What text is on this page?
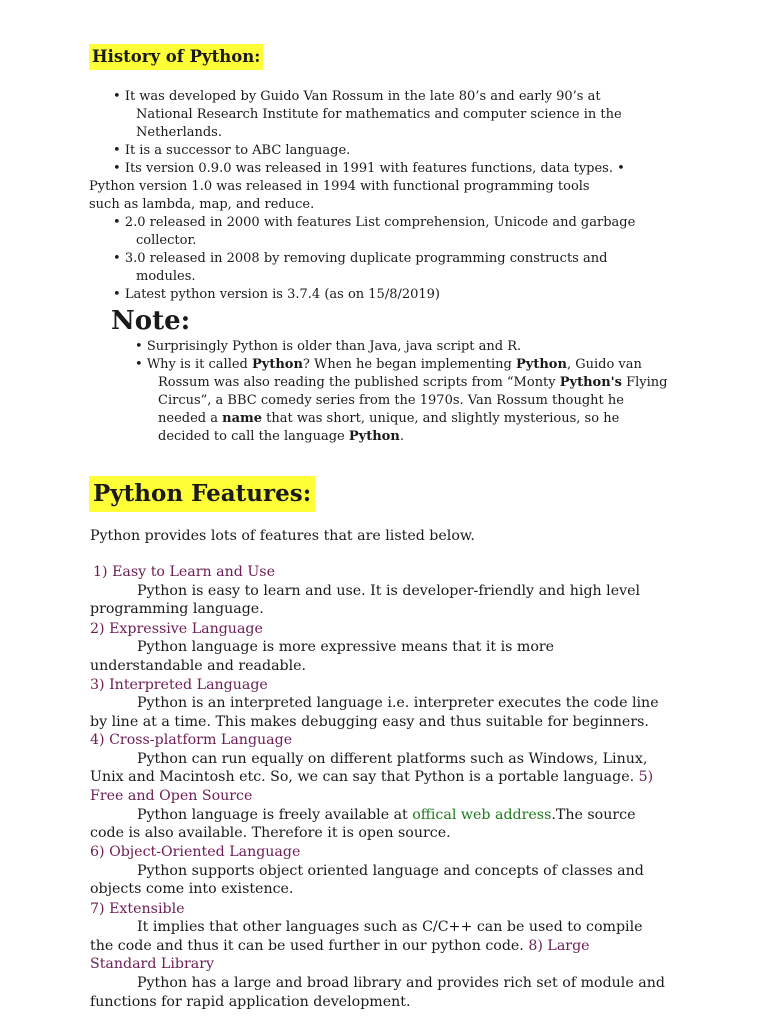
History of Python:
• It was developed by Guido Van Rossum in the late 80’s and early 90’s at
National Research Institute for mathematics and computer science in the
Netherlands.
• It is a successor to ABC language.
• Its version 0.9.0 was released in 1991 with features functions, data types. •
Python version 1.0 was released in 1994 with functional programming tools
such as lambda, map, and reduce.
• 2.0 released in 2000 with features List comprehension, Unicode and garbage
collector.
• 3.0 released in 2008 by removing duplicate programming constructs and
modules.
• Latest python version is 3.7.4 (as on 15/8/2019)
Note:
• Surprisingly Python is older than Java, java script and R.
• Why is it called Python? When he began implementing Python, Guido van
Rossum was also reading the published scripts from “Monty Python's Flying
Circus”, a BBC comedy series from the 1970s. Van Rossum thought he
needed a name that was short, unique, and slightly mysterious, so he
decided to call the language Python.
Python Features:
Python provides lots of features that are listed below.
1) Easy to Learn and Use
Python is easy to learn and use. It is developer-friendly and high level
programming language.
2) Expressive Language
Python language is more expressive means that it is more
understandable and readable.
3) Interpreted Language
Python is an interpreted language i.e. interpreter executes the code line
by line at a time. This makes debugging easy and thus suitable for beginners.
4) Cross-platform Language
Python can run equally on different platforms such as Windows, Linux,
Unix and Macintosh etc. So, we can say that Python is a portable language. 5)
Free and Open Source
Python language is freely available at offical web address.The source
code is also available. Therefore it is open source.
6) Object-Oriented Language
Python supports object oriented language and concepts of classes and
objects come into existence.
7) Extensible
It implies that other languages such as C/C++ can be used to compile
the code and thus it can be used further in our python code. 8) Large
Standard Library
Python has a large and broad library and provides rich set of module and
functions for rapid application development.
